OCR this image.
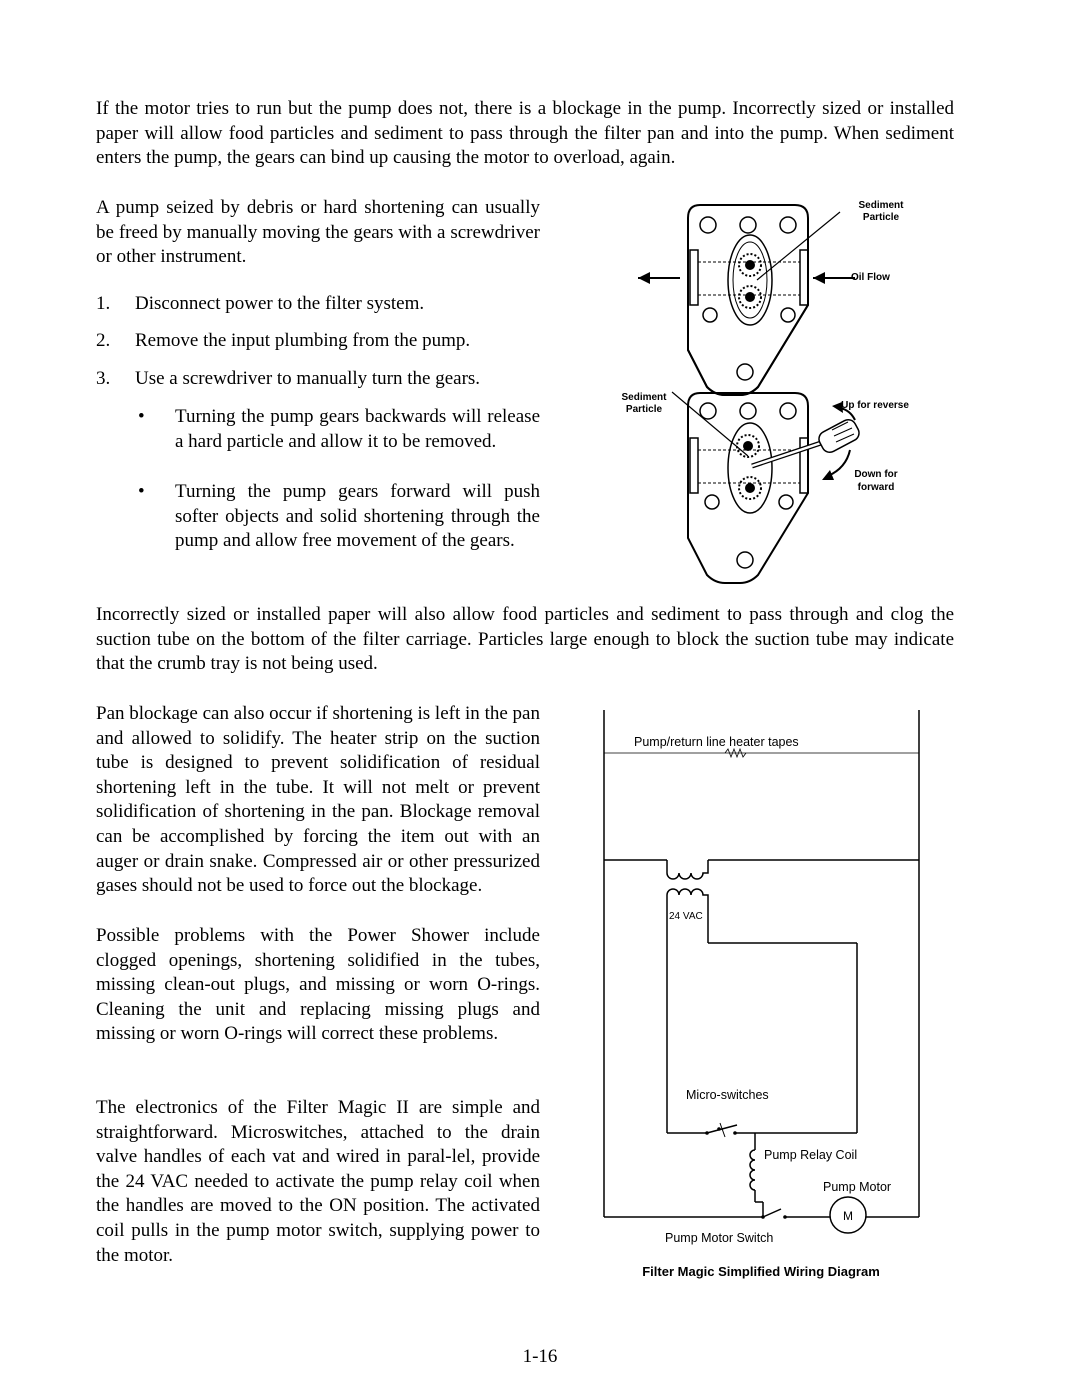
If the motor tries to run but the pump does not, there is a blockage in the pump. Incorrectly sized or installed paper will allow food particles and sediment to pass through the filter pan and into the pump. When sediment enters the pump, the gears can bind up causing the motor to overload, again.

A pump seized by debris or hard shortening can usually be freed by manually moving the gears with a screwdriver or other instrument.

1. Disconnect power to the filter system.
2. Remove the input plumbing from the pump.
3. Use a screwdriver to manually turn the gears.
• Turning the pump gears backwards will release a hard particle and allow it to be removed.

• Turning the pump gears forward will push softer objects and solid shortening through the pump and allow free movement of the gears.

Sediment
Particle
Oil Flow
Sediment
Particle	Up for reverse
Down for
forward

Incorrectly sized or installed paper will also allow food particles and sediment to pass through and clog the suction tube on the bottom of the filter carriage. Particles large enough to block the suction tube may indicate that the crumb tray is not being used.

Pan blockage can also occur if shortening is left in the pan and allowed to solidify. The heater strip on the suction tube is designed to prevent solidification of residual shortening left in the tube. It will not melt or prevent solidification of shortening in the pan. Blockage removal can be accomplished by forcing the item out with an auger or drain snake. Compressed air or other pressurized gases should not be used to force out the blockage.

Possible problems with the Power Shower include clogged openings, shortening solidified in the tubes, missing clean-out plugs, and missing or worn O-rings. Cleaning the unit and replacing missing plugs and missing or worn O-rings will correct these problems.

The electronics of the Filter Magic II are simple and straightforward. Microswitches, attached to the drain valve handles of each vat and wired in paral-lel, provide the 24 VAC needed to activate the pump relay coil when the handles are moved to the ON position. The activated coil pulls in the pump motor switch, supplying power to the motor.

M
Pump/return line heater tapes
24 VAC
Micro-switches
Pump Relay Coil
Pump Motor
Pump Motor Switch
Filter Magic Simplified Wiring Diagram
1-16
